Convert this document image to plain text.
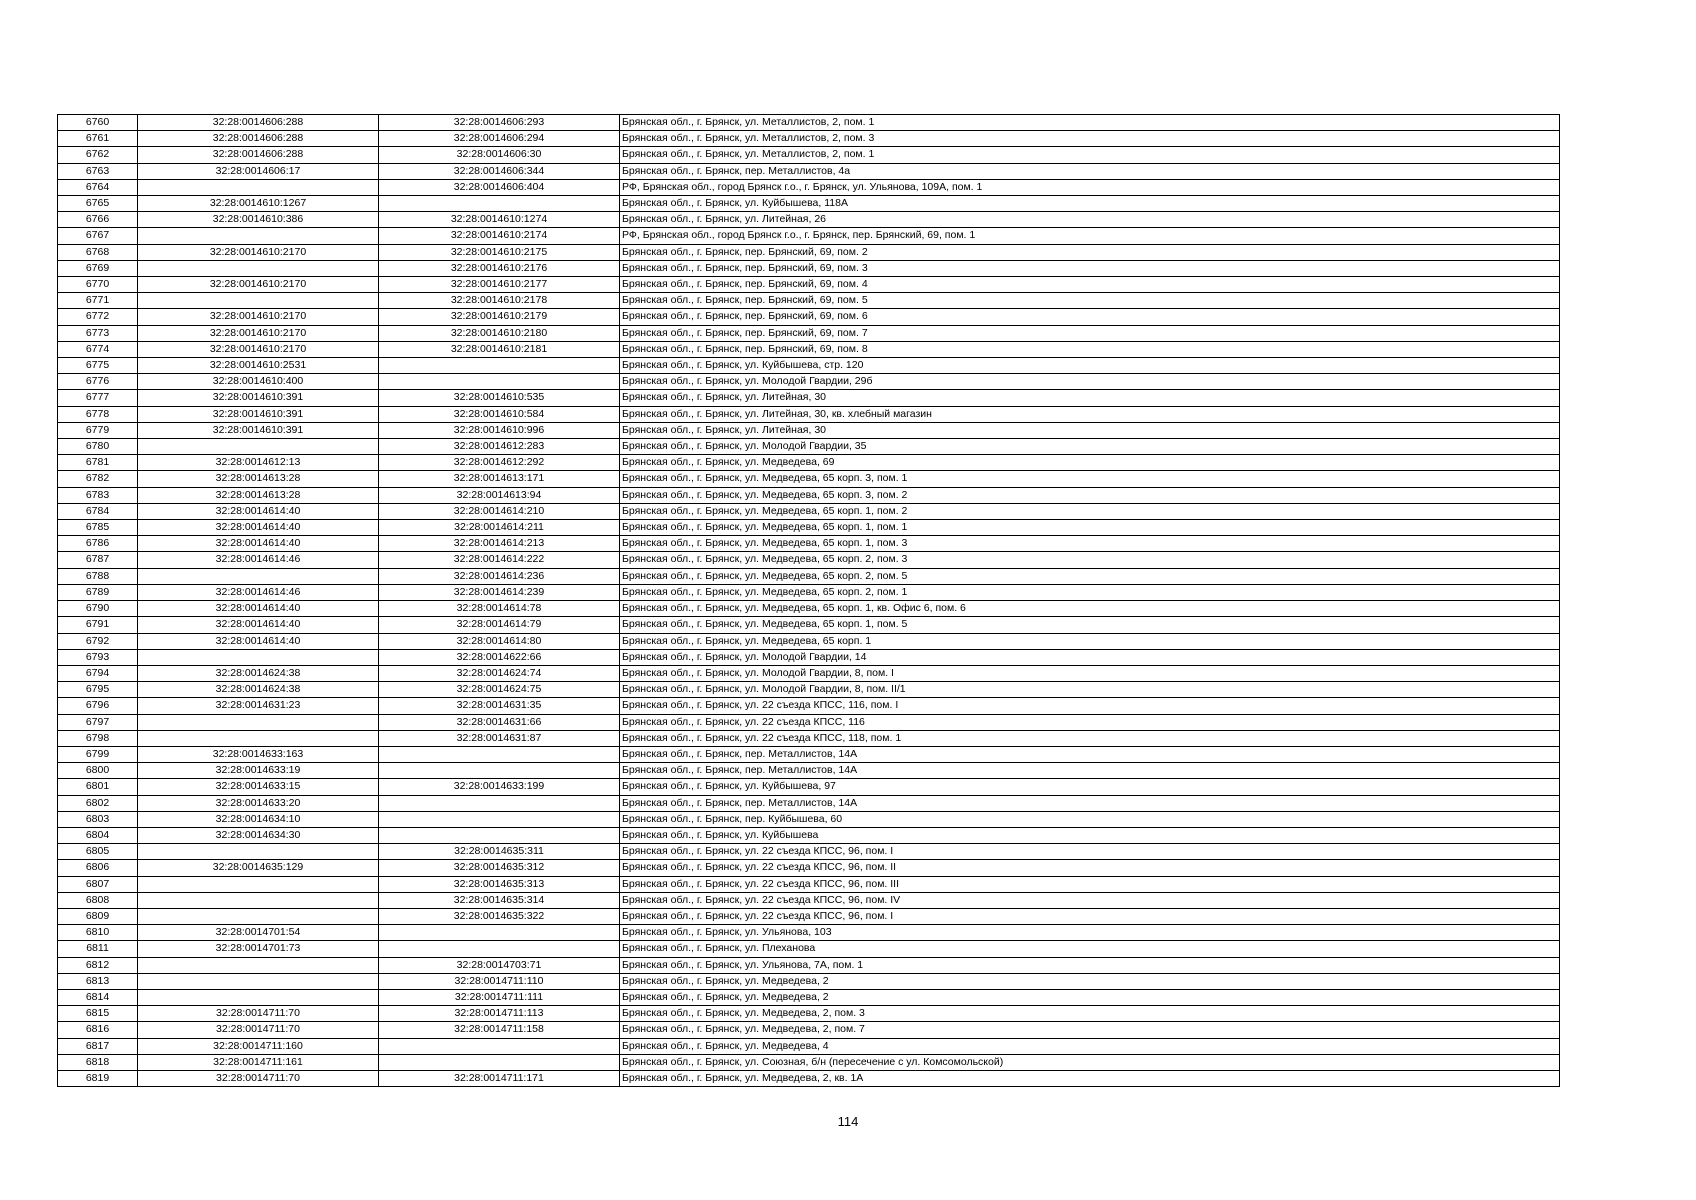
6760	32:28:0014606:288	32:28:0014606:293	Брянская обл., г. Брянск, ул. Металлистов, 2, пом. 1
6761	32:28:0014606:288	32:28:0014606:294	Брянская обл., г. Брянск, ул. Металлистов, 2, пом. 3
6762	32:28:0014606:288	32:28:0014606:30	Брянская обл., г. Брянск, ул. Металлистов, 2, пом. 1
6763	32:28:0014606:17	32:28:0014606:344	Брянская обл., г. Брянск, пер. Металлистов, 4а
6764		32:28:0014606:404	РФ, Брянская обл., город Брянск г.о., г. Брянск, ул. Ульянова, 109А, пом. 1
6765	32:28:0014610:1267		Брянская обл., г. Брянск, ул. Куйбышева, 118А
6766	32:28:0014610:386	32:28:0014610:1274	Брянская обл., г. Брянск, ул. Литейная, 26
6767		32:28:0014610:2174	РФ, Брянская обл., город Брянск г.о., г. Брянск, пер. Брянский, 69, пом. 1
6768	32:28:0014610:2170	32:28:0014610:2175	Брянская обл., г. Брянск, пер. Брянский, 69, пом. 2
6769		32:28:0014610:2176	Брянская обл., г. Брянск, пер. Брянский, 69, пом. 3
6770	32:28:0014610:2170	32:28:0014610:2177	Брянская обл., г. Брянск, пер. Брянский, 69, пом. 4
6771		32:28:0014610:2178	Брянская обл., г. Брянск, пер. Брянский, 69, пом. 5
6772	32:28:0014610:2170	32:28:0014610:2179	Брянская обл., г. Брянск, пер. Брянский, 69, пом. 6
6773	32:28:0014610:2170	32:28:0014610:2180	Брянская обл., г. Брянск, пер. Брянский, 69, пом. 7
6774	32:28:0014610:2170	32:28:0014610:2181	Брянская обл., г. Брянск, пер. Брянский, 69, пом. 8
6775	32:28:0014610:2531		Брянская обл., г. Брянск, ул. Куйбышева, стр. 120
6776	32:28:0014610:400		Брянская обл., г. Брянск, ул. Молодой Гвардии, 29б
6777	32:28:0014610:391	32:28:0014610:535	Брянская обл., г. Брянск, ул. Литейная, 30
6778	32:28:0014610:391	32:28:0014610:584	Брянская обл., г. Брянск, ул. Литейная, 30, кв. хлебный магазин
6779	32:28:0014610:391	32:28:0014610:996	Брянская обл., г. Брянск, ул. Литейная, 30
6780		32:28:0014612:283	Брянская обл., г. Брянск, ул. Молодой Гвардии, 35
6781	32:28:0014612:13	32:28:0014612:292	Брянская обл., г. Брянск, ул. Медведева, 69
6782	32:28:0014613:28	32:28:0014613:171	Брянская обл., г. Брянск, ул. Медведева, 65 корп. 3, пом. 1
6783	32:28:0014613:28	32:28:0014613:94	Брянская обл., г. Брянск, ул. Медведева, 65 корп. 3, пом. 2
6784	32:28:0014614:40	32:28:0014614:210	Брянская обл., г. Брянск, ул. Медведева, 65 корп. 1, пом. 2
6785	32:28:0014614:40	32:28:0014614:211	Брянская обл., г. Брянск, ул. Медведева, 65 корп. 1, пом. 1
6786	32:28:0014614:40	32:28:0014614:213	Брянская обл., г. Брянск, ул. Медведева, 65 корп. 1, пом. 3
6787	32:28:0014614:46	32:28:0014614:222	Брянская обл., г. Брянск, ул. Медведева, 65 корп. 2, пом. 3
6788		32:28:0014614:236	Брянская обл., г. Брянск, ул. Медведева, 65 корп. 2, пом. 5
6789	32:28:0014614:46	32:28:0014614:239	Брянская обл., г. Брянск, ул. Медведева, 65 корп. 2, пом. 1
6790	32:28:0014614:40	32:28:0014614:78	Брянская обл., г. Брянск, ул. Медведева, 65 корп. 1, кв. Офис 6, пом. 6
6791	32:28:0014614:40	32:28:0014614:79	Брянская обл., г. Брянск, ул. Медведева, 65 корп. 1, пом. 5
6792	32:28:0014614:40	32:28:0014614:80	Брянская обл., г. Брянск, ул. Медведева, 65 корп. 1
6793		32:28:0014622:66	Брянская обл., г. Брянск, ул. Молодой Гвардии, 14
6794	32:28:0014624:38	32:28:0014624:74	Брянская обл., г. Брянск, ул. Молодой Гвардии, 8, пом. I
6795	32:28:0014624:38	32:28:0014624:75	Брянская обл., г. Брянск, ул. Молодой Гвардии, 8, пом. II/1
6796	32:28:0014631:23	32:28:0014631:35	Брянская обл., г. Брянск, ул. 22 съезда КПСС, 116, пом. I
6797		32:28:0014631:66	Брянская обл., г. Брянск, ул. 22 съезда КПСС, 116
6798		32:28:0014631:87	Брянская обл., г. Брянск, ул. 22 съезда КПСС, 118, пом. 1
6799	32:28:0014633:163		Брянская обл., г. Брянск, пер. Металлистов, 14А
6800	32:28:0014633:19		Брянская обл., г. Брянск, пер. Металлистов, 14А
6801	32:28:0014633:15	32:28:0014633:199	Брянская обл., г. Брянск, ул. Куйбышева, 97
6802	32:28:0014633:20		Брянская обл., г. Брянск, пер. Металлистов, 14А
6803	32:28:0014634:10		Брянская обл., г. Брянск, пер. Куйбышева, 60
6804	32:28:0014634:30		Брянская обл., г. Брянск, ул. Куйбышева
6805		32:28:0014635:311	Брянская обл., г. Брянск, ул. 22 съезда КПСС, 96, пом. I
6806	32:28:0014635:129	32:28:0014635:312	Брянская обл., г. Брянск, ул. 22 съезда КПСС, 96, пом. II
6807		32:28:0014635:313	Брянская обл., г. Брянск, ул. 22 съезда КПСС, 96, пом. III
6808		32:28:0014635:314	Брянская обл., г. Брянск, ул. 22 съезда КПСС, 96, пом. IV
6809		32:28:0014635:322	Брянская обл., г. Брянск, ул. 22 съезда КПСС, 96, пом. I
6810	32:28:0014701:54		Брянская обл., г. Брянск, ул. Ульянова, 103
6811	32:28:0014701:73		Брянская обл., г. Брянск, ул. Плеханова
6812		32:28:0014703:71	Брянская обл., г. Брянск, ул. Ульянова, 7А, пом. 1
6813		32:28:0014711:110	Брянская обл., г. Брянск, ул. Медведева, 2
6814		32:28:0014711:111	Брянская обл., г. Брянск, ул. Медведева, 2
6815	32:28:0014711:70	32:28:0014711:113	Брянская обл., г. Брянск, ул. Медведева, 2, пом. 3
6816	32:28:0014711:70	32:28:0014711:158	Брянская обл., г. Брянск, ул. Медведева, 2, пом. 7
6817	32:28:0014711:160		Брянская обл., г. Брянск, ул. Медведева, 4
6818	32:28:0014711:161		Брянская обл., г. Брянск, ул. Союзная, б/н (пересечение с ул. Комсомольской)
6819	32:28:0014711:70	32:28:0014711:171	Брянская обл., г. Брянск, ул. Медведева, 2, кв. 1А
114
